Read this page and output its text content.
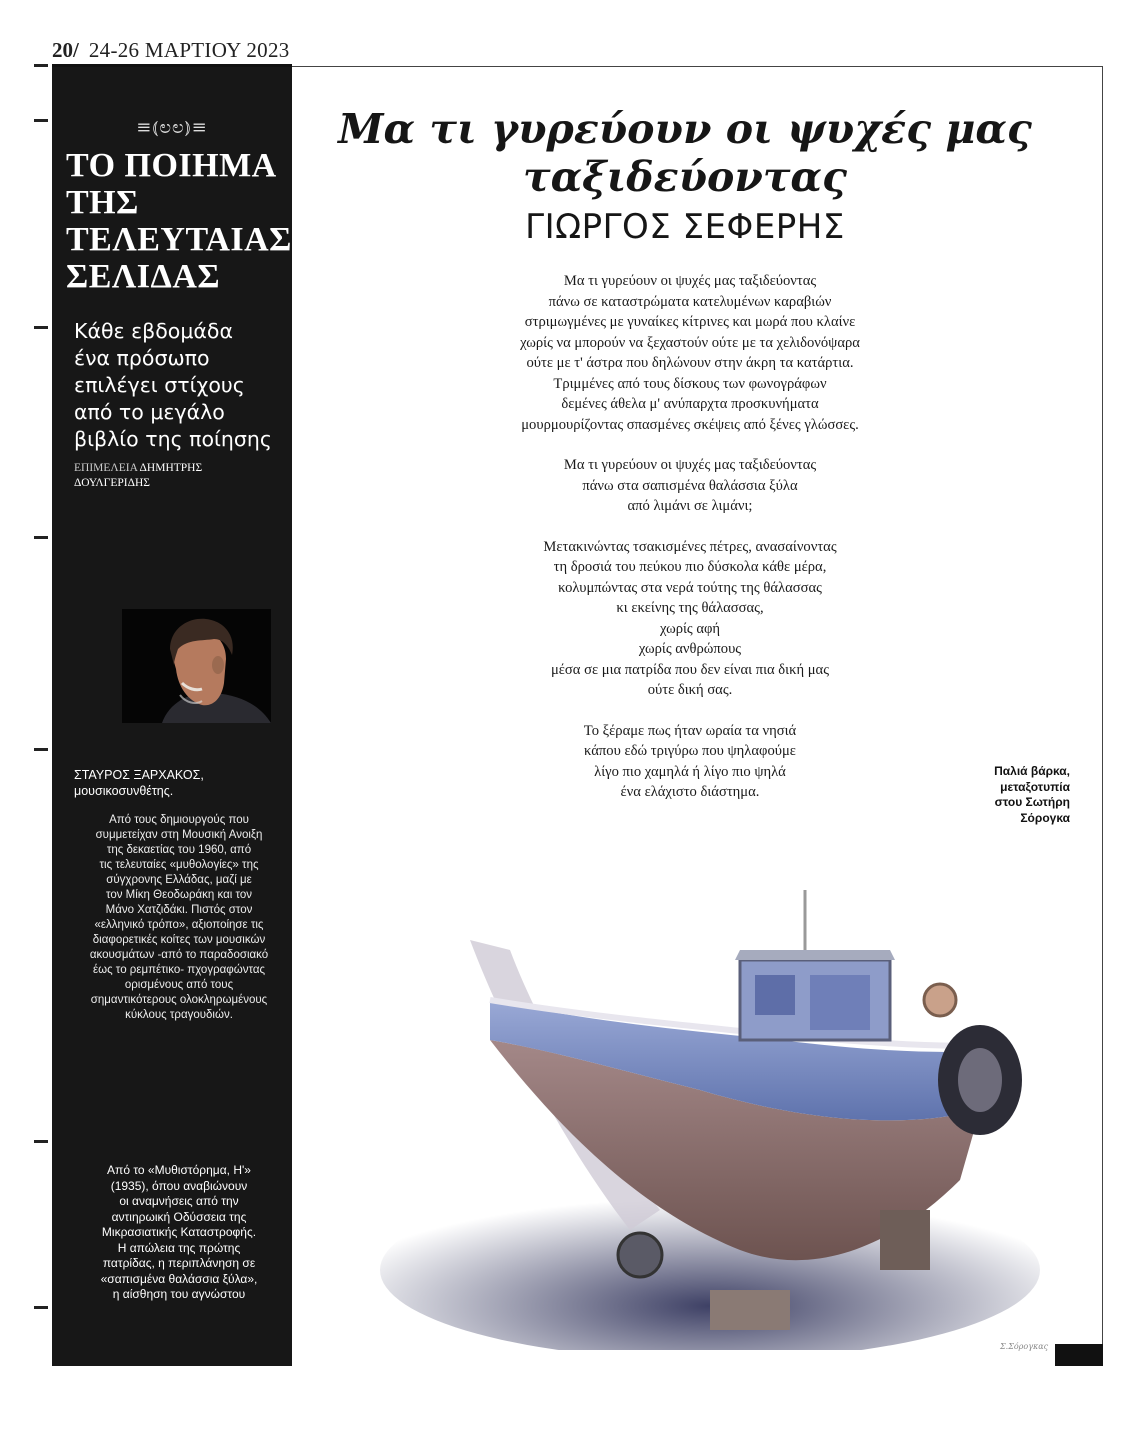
20/ 24-26 ΜΑΡΤΙΟΥ 2023
≡⦅ಲಲ⦆≡
ΤΟ ΠΟΙΗΜΑ
ΤΗΣ
ΤΕΛΕΥΤΑΙΑΣ
ΣΕΛΙΔΑΣ
Κάθε εβδομάδα
ένα πρόσωπο
επιλέγει στίχους
από το μεγάλο
βιβλίο της ποίησης
ΕΠΙΜΕΛΕΙΑ ΔΗΜΗΤΡΗΣ
ΔΟΥΛΓΕΡΙΔΗΣ
ΣΤΑΥΡΟΣ ΞΑΡΧΑΚΟΣ,
μουσικοσυνθέτης.
Από τους δημιουργούς που
συμμετείχαν στη Μουσική Ανοιξη
της δεκαετίας του 1960, από
τις τελευταίες «μυθολογίες» της
σύγχρονης Ελλάδας, μαζί με
τον Μίκη Θεοδωράκη και τον
Μάνο Χατζιδάκι. Πιστός στον
«ελληνικό τρόπο», αξιοποίησε τις
διαφορετικές κοίτες των μουσικών
ακουσμάτων -από το παραδοσιακό
έως το ρεμπέτικο- πχογραφώντας
ορισμένους από τους
σημαντικότερους ολοκληρωμένους
κύκλους τραγουδιών.
Από το «Μυθιστόρημα, Η'»
(1935), όπου αναβιώνουν
οι αναμνήσεις από την
αντιηρωική Οδύσσεια της
Μικρασιατικής Καταστροφής.
Η απώλεια της πρώτης
πατρίδας, η περιπλάνηση σε
«σαπισμένα θαλάσσια ξύλα»,
η αίσθηση του αγνώστου
Μα τι γυρεύουν οι ψυχές μας
ταξιδεύοντας
ΓΙΩΡΓΟΣ ΣΕΦΕΡΗΣ
Μα τι γυρεύουν οι ψυχές μας ταξιδεύοντας
πάνω σε καταστρώματα κατελυμένων καραβιών
στριμωγμένες με γυναίκες κίτρινες και μωρά που κλαίνε
χωρίς να μπορούν να ξεχαστούν ούτε με τα χελιδονόψαρα
ούτε με τ' άστρα που δηλώνουν στην άκρη τα κατάρτια.
Τριμμένες από τους δίσκους των φωνογράφων
δεμένες άθελα μ' ανύπαρχτα προσκυνήματα
μουρμουρίζοντας σπασμένες σκέψεις από ξένες γλώσσες.
Μα τι γυρεύουν οι ψυχές μας ταξιδεύοντας
πάνω στα σαπισμένα θαλάσσια ξύλα
από λιμάνι σε λιμάνι;
Μετακινώντας τσακισμένες πέτρες, ανασαίνοντας
τη δροσιά του πεύκου πιο δύσκολα κάθε μέρα,
κολυμπώντας στα νερά τούτης της θάλασσας
κι εκείνης της θάλασσας,
χωρίς αφή
χωρίς ανθρώπους
μέσα σε μια πατρίδα που δεν είναι πια δική μας
ούτε δική σας.
Το ξέραμε πως ήταν ωραία τα νησιά
κάπου εδώ τριγύρω που ψηλαφούμε
λίγο πιο χαμηλά ή λίγο πιο ψηλά
ένα ελάχιστο διάστημα.
Παλιά βάρκα,
μεταξοτυπία
στου Σωτήρη
Σόρογκα
Σ.Σόρογκας
